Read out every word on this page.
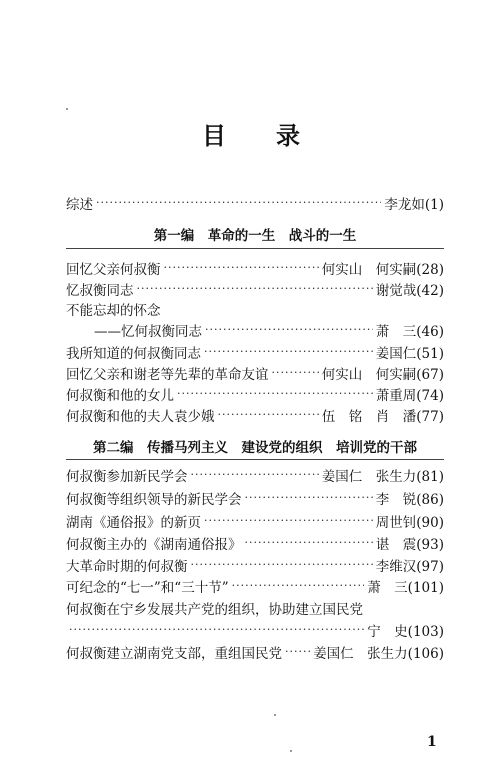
目 录
综述 ·····	李龙如(1)
第一编　革命的一生　战斗的一生
回忆父亲何叔衡 ·····	何实山　何实嗣(28)
忆叔衡同志 ·····	谢觉哉(42)
不能忘却的怀念
——忆何叔衡同志 ·····	萧　三(46)
我所知道的何叔衡同志 ·····	姜国仁(51)
回忆父亲和谢老等先辈的革命友谊 ·····	何实山　何实嗣(67)
何叔衡和他的女儿 ·····	萧重周(74)
何叔衡和他的夫人袁少娥 ·····	伍　铭　肖　潘(77)
第二编　传播马列主义　建设党的组织　培训党的干部
何叔衡参加新民学会 ·····	姜国仁　张生力(81)
何叔衡等组织领导的新民学会 ·····	李　锐(86)
湖南《通俗报》的新页 ·····	周世钊(90)
何叔衡主办的《湖南通俗报》 ·····	谌　震(93)
大革命时期的何叔衡 ·····	李维汉(97)
可纪念的“七一”和“三十节” ·····	萧　三(101)
何叔衡在宁乡发展共产党的组织，协助建立国民党
·····
宁　史(103)
何叔衡建立湖南党支部，重组国民党 ····· 姜国仁　张生力(106)
1
